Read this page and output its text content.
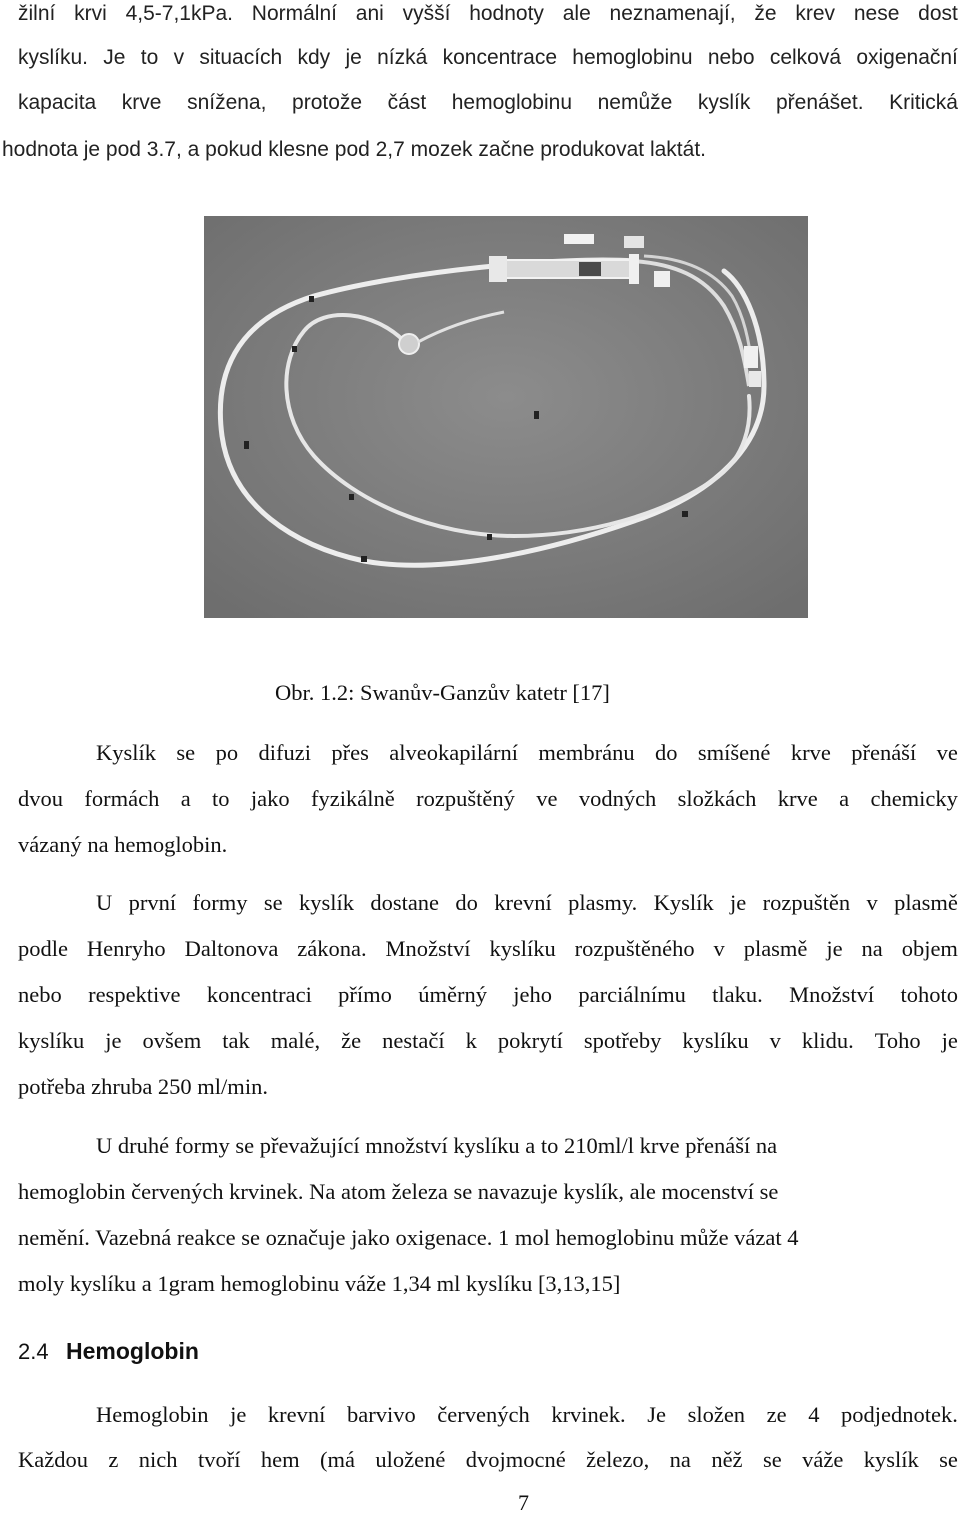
žilní krvi 4,5-7,1kPa. Normální ani vyšší hodnoty ale neznamenají, že krev nese dost
kyslíku. Je to v situacích kdy je nízká koncentrace hemoglobinu nebo celková oxigenační
kapacita krve snížena, protože část hemoglobinu nemůže kyslík přenášet. Kritická
hodnota je pod 3.7, a pokud klesne pod 2,7 mozek začne produkovat laktát.
Obr. 1.2: Swanův-Ganzův katetr [17]
Kyslík se po difuzi přes alveokapilární membránu do smíšené krve přenáší ve
dvou formách a to jako fyzikálně rozpuštěný ve vodných složkách krve a chemicky
vázaný na hemoglobin.
U první formy se kyslík dostane do krevní plasmy. Kyslík je rozpuštěn v plasmě
podle Henryho Daltonova zákona. Množství kyslíku rozpuštěného v plasmě je na objem
nebo respektive koncentraci přímo úměrný jeho parciálnímu tlaku. Množství tohoto
kyslíku je ovšem tak malé, že nestačí k pokrytí spotřeby kyslíku v klidu. Toho je
potřeba zhruba 250 ml/min.
U druhé formy se převažující množství kyslíku a to 210ml/l krve přenáší na
hemoglobin červených krvinek. Na atom železa se navazuje kyslík, ale mocenství se
nemění. Vazebná reakce se označuje jako oxigenace. 1 mol hemoglobinu může vázat 4
moly kyslíku a 1gram hemoglobinu váže 1,34 ml kyslíku [3,13,15]
2.4 Hemoglobin
Hemoglobin je krevní barvivo červených krvinek. Je složen ze 4 podjednotek.
Každou z nich tvoří hem (má uložené dvojmocné železo, na něž se váže kyslík se
7
